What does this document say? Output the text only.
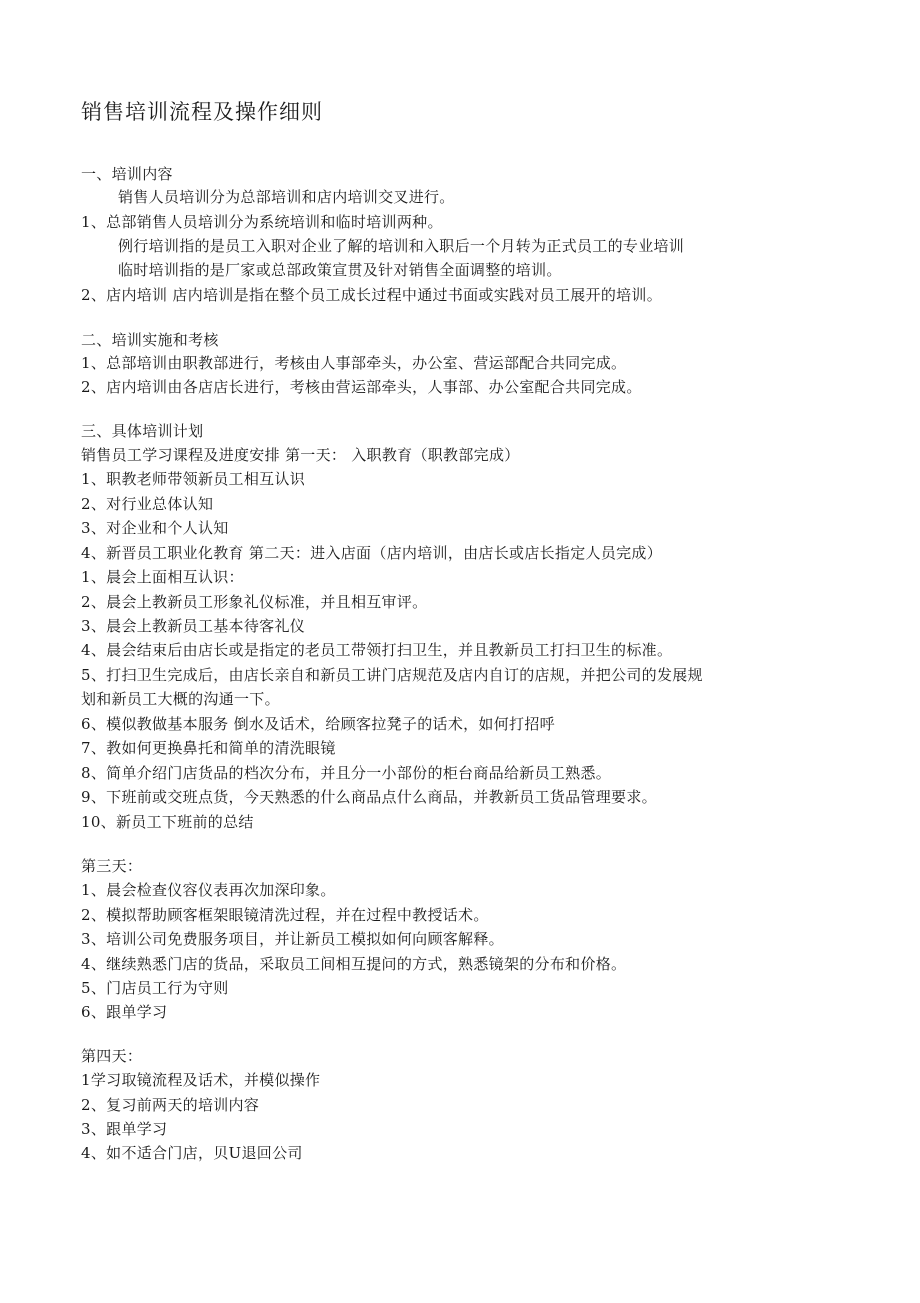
销售培训流程及操作细则
一、培训内容
销售人员培训分为总部培训和店内培训交叉进行。
1、总部销售人员培训分为系统培训和临时培训两种。
例行培训指的是员工入职对企业了解的培训和入职后一个月转为正式员工的专业培训
临时培训指的是厂家或总部政策宣贯及针对销售全面调整的培训。
2、店内培训 店内培训是指在整个员工成长过程中通过书面或实践对员工展开的培训。
二、培训实施和考核
1、总部培训由职教部进行，考核由人事部牵头，办公室、营运部配合共同完成。
2、店内培训由各店店长进行，考核由营运部牵头，人事部、办公室配合共同完成。
三、具体培训计划
销售员工学习课程及进度安排 第一天： 入职教育（职教部完成）
1、职教老师带领新员工相互认识
2、对行业总体认知
3、对企业和个人认知
4、新晋员工职业化教育 第二天：进入店面（店内培训，由店长或店长指定人员完成）
1、晨会上面相互认识：
2、晨会上教新员工形象礼仪标准，并且相互审评。
3、晨会上教新员工基本待客礼仪
4、晨会结束后由店长或是指定的老员工带领打扫卫生，并且教新员工打扫卫生的标准。
5、打扫卫生完成后，由店长亲自和新员工讲门店规范及店内自订的店规，并把公司的发展规
划和新员工大概的沟通一下。
6、模似教做基本服务 倒水及话术，给顾客拉凳子的话术，如何打招呼
7、教如何更换鼻托和简单的清洗眼镜
8、简单介绍门店货品的档次分布，并且分一小部份的柜台商品给新员工熟悉。
9、下班前或交班点货，今天熟悉的什么商品点什么商品，并教新员工货品管理要求。
10、新员工下班前的总结
第三天：
1、晨会检查仪容仪表再次加深印象。
2、模拟帮助顾客框架眼镜清洗过程，并在过程中教授话术。
3、培训公司免费服务项目，并让新员工模拟如何向顾客解释。
4、继续熟悉门店的货品，采取员工间相互提问的方式，熟悉镜架的分布和价格。
5、门店员工行为守则
6、跟单学习
第四天：
1学习取镜流程及话术，并模似操作
2、复习前两天的培训内容
3、跟单学习
4、如不适合门店，贝U退回公司
